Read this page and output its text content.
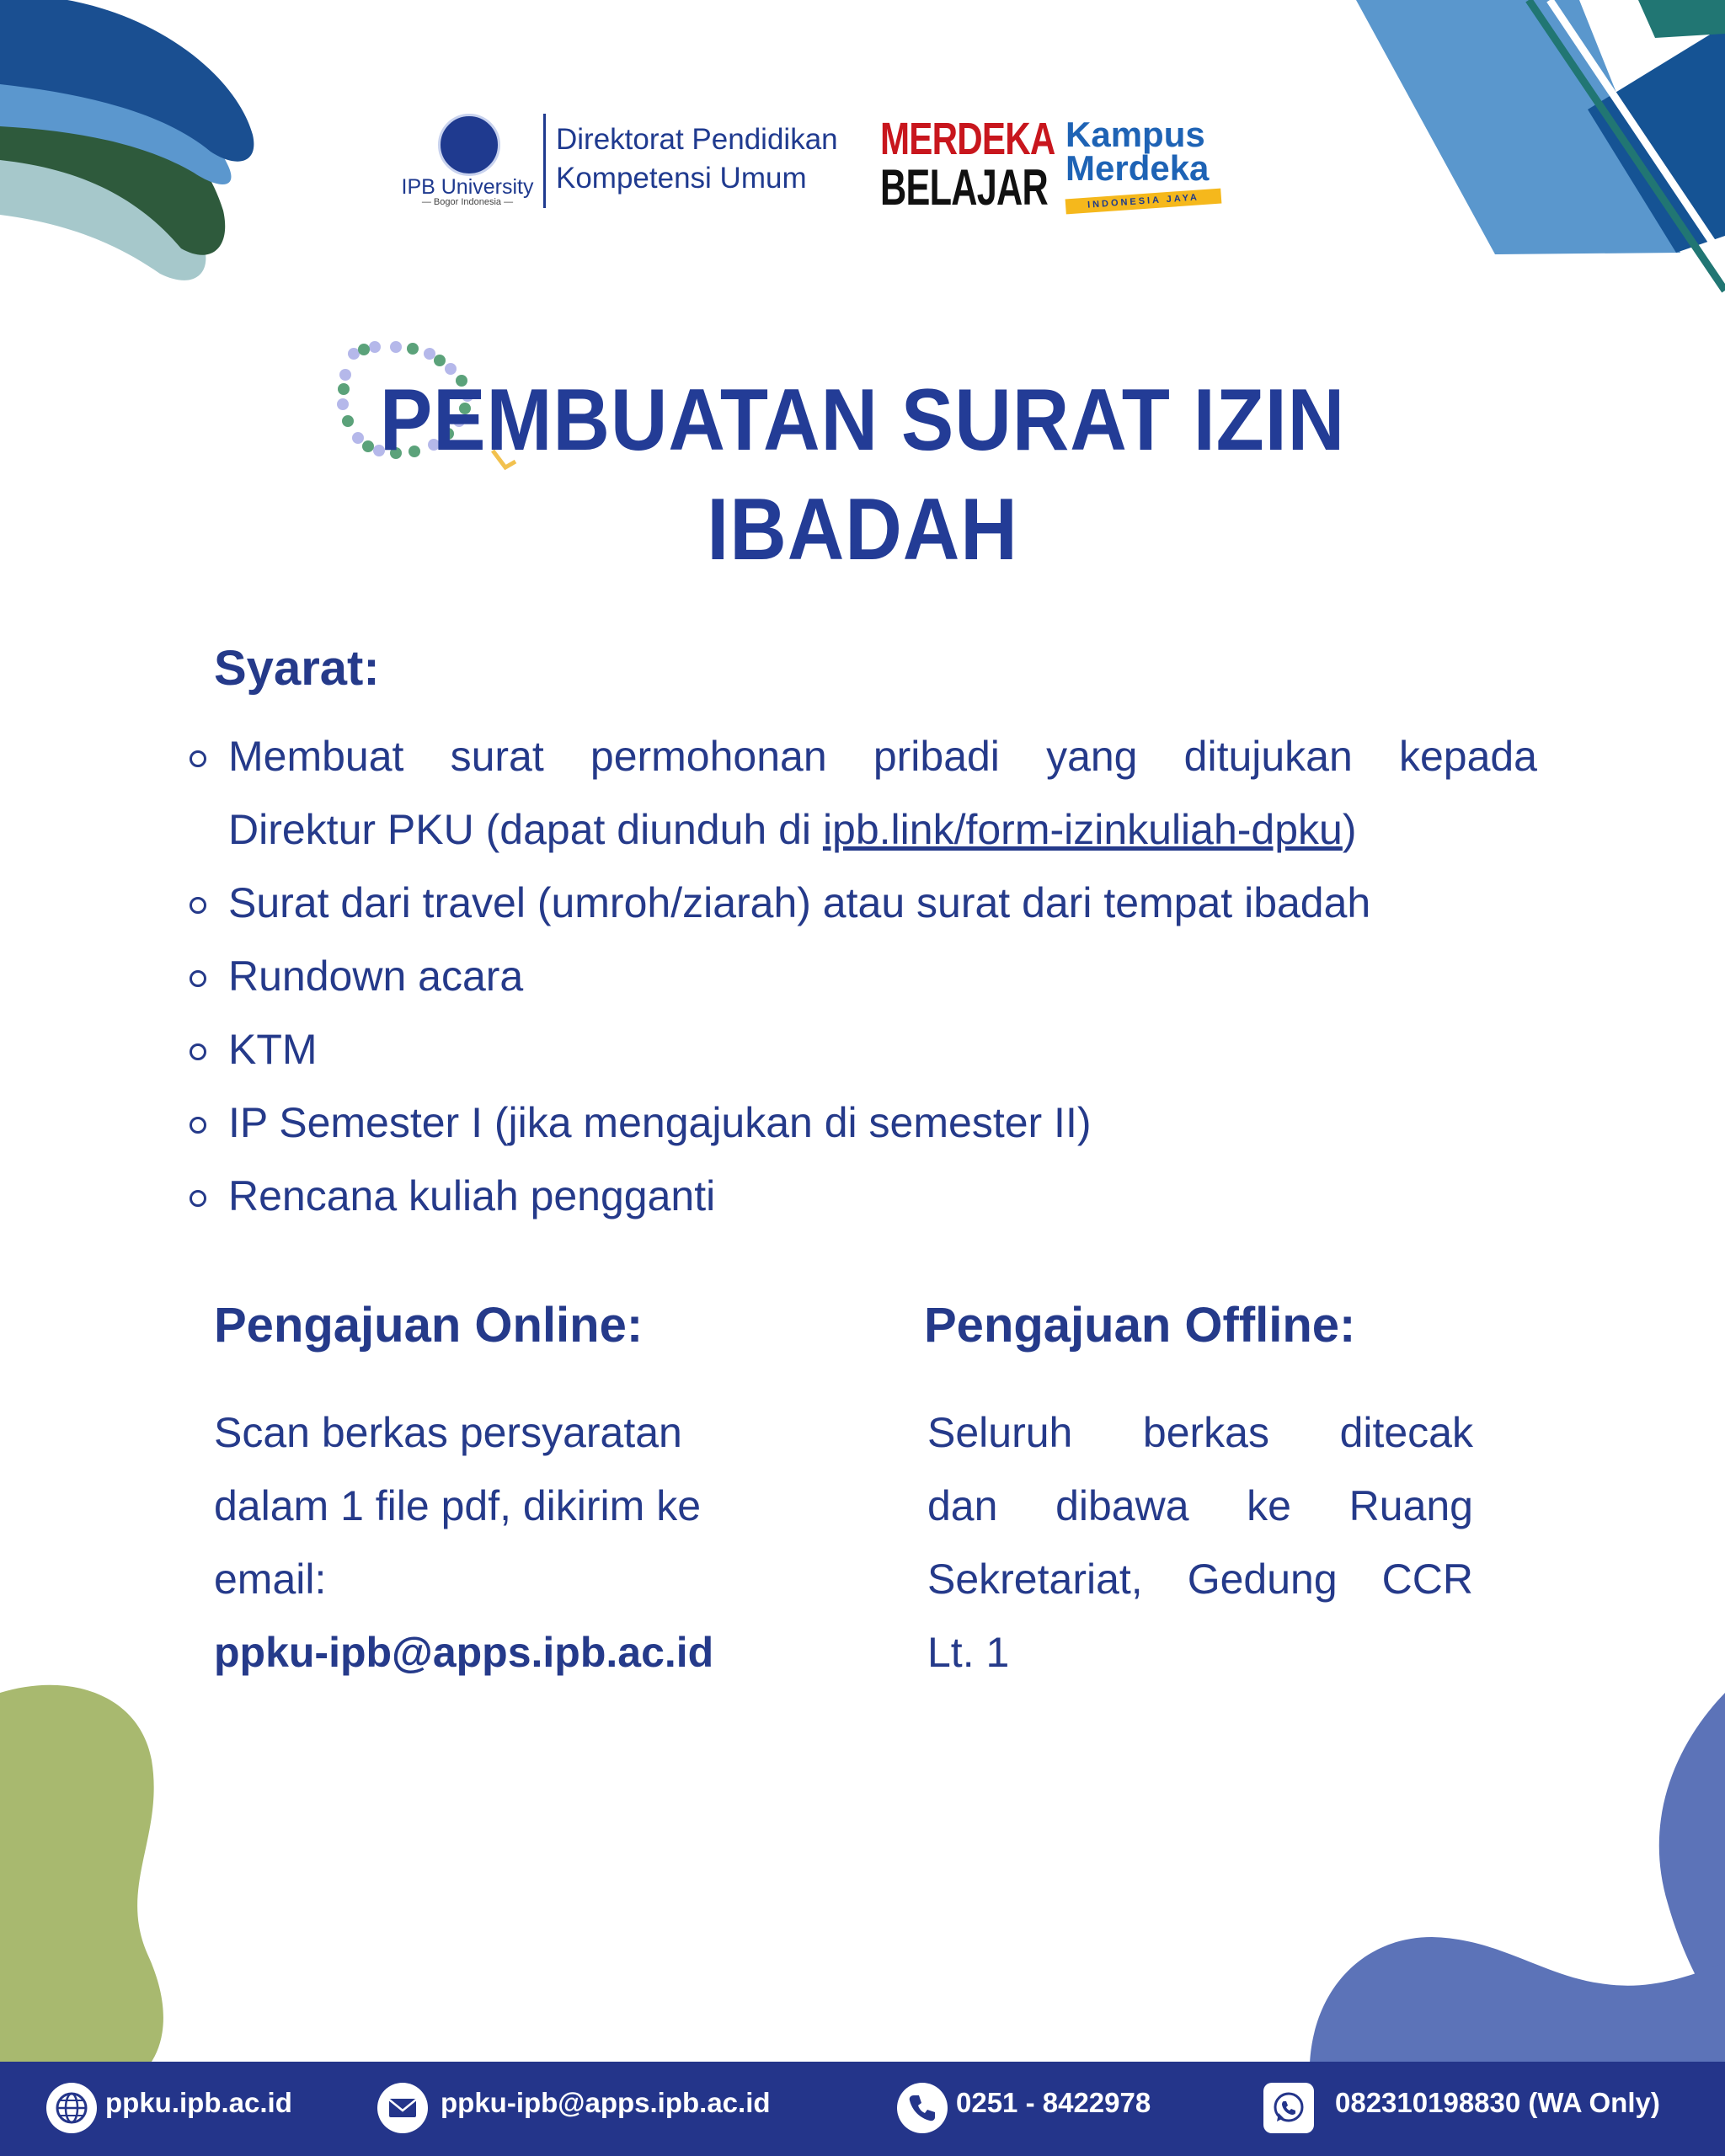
IPB University
— Bogor Indonesia —
Direktorat Pendidikan
Kompetensi Umum
MERDEKA
BELAJAR
Kampus
Merdeka
INDONESIA JAYA
PEMBUATAN SURAT IZIN
IBADAH
Syarat:
Membuat surat permohonan pribadi yang ditujukan kepada
Direktur PKU (dapat diunduh di ipb.link/form-izinkuliah-dpku)
Surat dari travel (umroh/ziarah) atau surat dari tempat ibadah
Rundown acara
KTM
IP Semester I (jika mengajukan di semester II)
Rencana kuliah pengganti
Pengajuan Online:
Scan berkas persyaratan
dalam 1 file pdf, dikirim ke
email:
ppku-ipb@apps.ipb.ac.id
Pengajuan Offline:
Seluruh berkas ditecak
dan dibawa ke Ruang
Sekretariat, Gedung CCR
Lt. 1
ppku.ipb.ac.id	ppku-ipb@apps.ipb.ac.id	0251 - 8422978	082310198830 (WA Only)
